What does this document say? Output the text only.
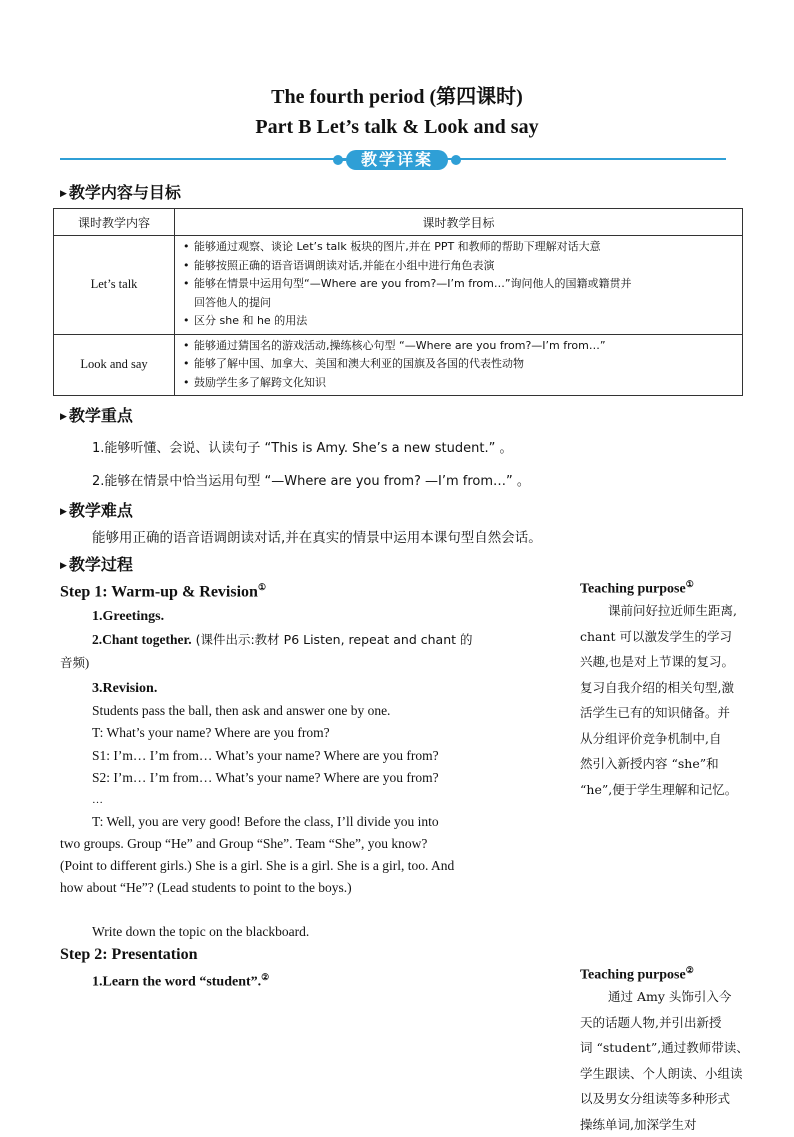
The fourth period (第四课时)
Part B Let’s talk & Look and say
教学详案
▶ 教学内容与目标
课时教学内容	课时教学目标
Let’s talk	• 能够通过观察、谈论 Let’s talk 板块的图片,并在 PPT 和教师的帮助下理解对话大意
• 能够按照正确的语音语调朗读对话,并能在小组中进行角色表演
• 能够在情景中运用句型“—Where are you from?—I’m from…”询问他人的国籍或籍贯并
回答他人的提问
• 区分 she 和 he 的用法

Look and say	• 能够通过猜国名的游戏活动,操练核心句型 “—Where are you from?—I’m from…”
• 能够了解中国、加拿大、美国和澳大利亚的国旗及各国的代表性动物
• 鼓励学生多了解跨文化知识
▶ 教学重点
1.能够听懂、会说、认读句子 “This is Amy. She’s a new student.” 。
2.能够在情景中恰当运用句型 “—Where are you from? —I’m from…” 。
▶ 教学难点
能够用正确的语音语调朗读对话,并在真实的情景中运用本课句型自然会话。
▶ 教学过程
Step 1: Warm-up & Revision①
1.Greetings.
2.Chant together. (课件出示:教材 P6 Listen, repeat and chant 的
音频)
3.Revision.
Students pass the ball, then ask and answer one by one.
T: What’s your name? Where are you from?
S1: I’m… I’m from… What’s your name? Where are you from?
S2: I’m… I’m from… What’s your name? Where are you from?
…
T: Well, you are very good! Before the class, I’ll divide you into
two groups. Group “He” and Group “She”. Team “She”, you know?
(Point to different girls.) She is a girl. She is a girl. She is a girl, too. And
how about “He”? (Lead students to point to the boys.)
Write down the topic on the blackboard.
Step 2: Presentation
1.Learn the word “student”.②
Teaching purpose①
课前问好拉近师生距离,
chant 可以激发学生的学习
兴趣,也是对上节课的复习。
复习自我介绍的相关句型,激
活学生已有的知识储备。并
从分组评价竞争机制中,自
然引入新授内容 “she”和
“he”,便于学生理解和记忆。
Teaching purpose②
通过 Amy 头饰引入今
天的话题人物,并引出新授
词 “student”,通过教师带读、
学生跟读、个人朗读、小组读
以及男女分组读等多种形式
操练单词,加深学生对
